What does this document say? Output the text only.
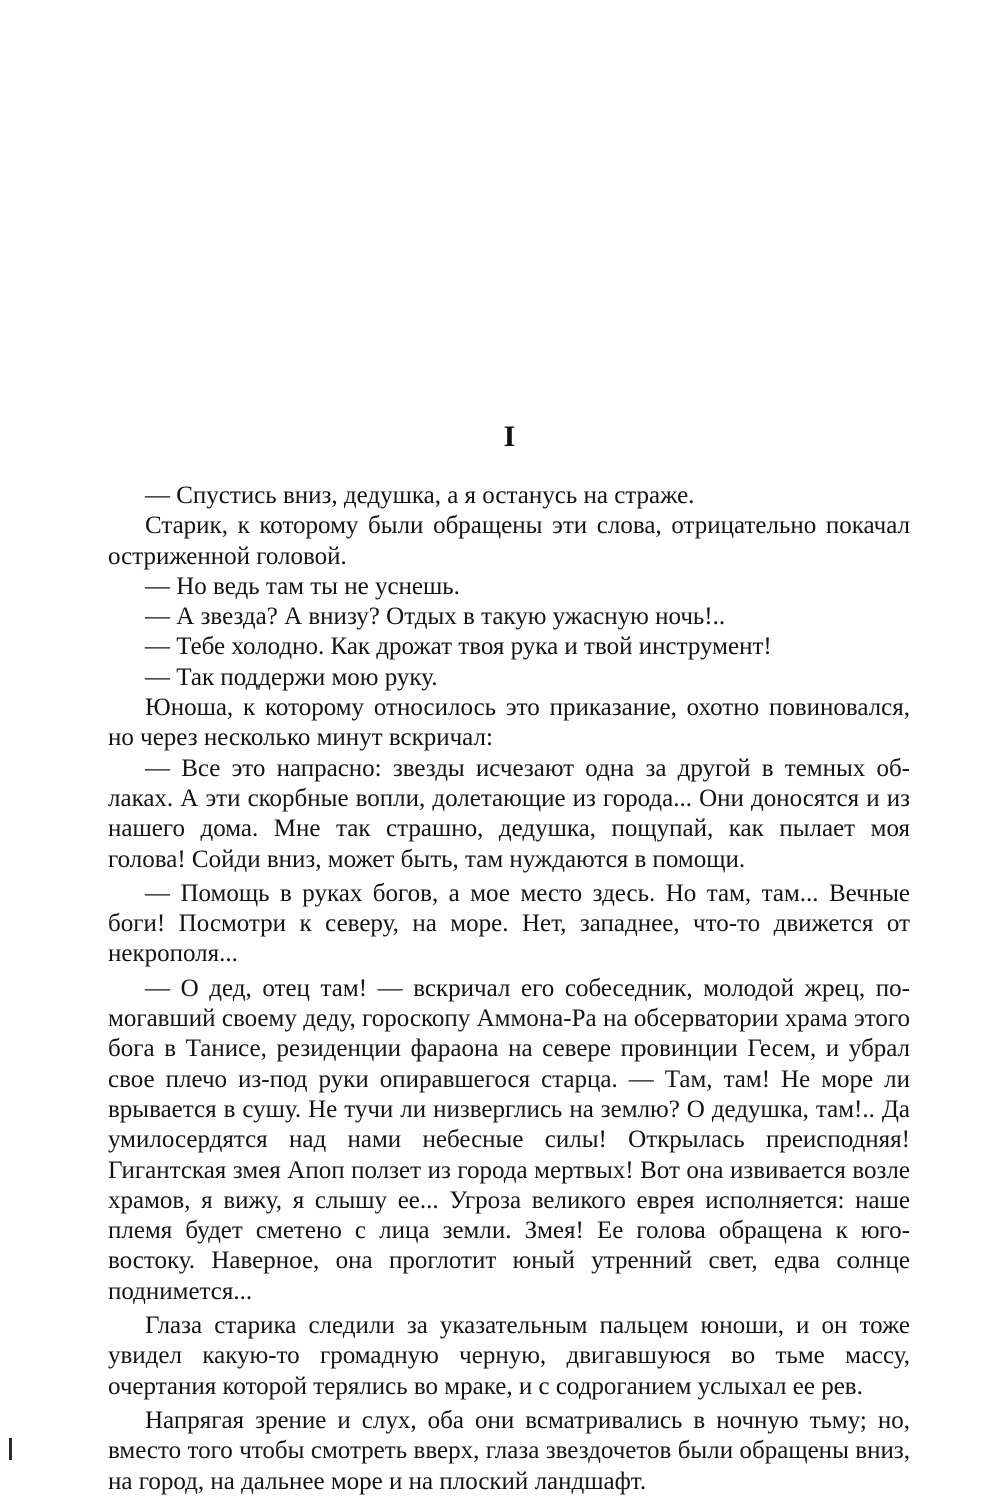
I

— Спустись вниз, дедушка, а я останусь на страже.

Старик, к которому были обращены эти слова, отрицательно покачал остриженной головой.

— Но ведь там ты не уснешь.

— А звезда? А внизу? Отдых в такую ужасную ночь!..

— Тебе холодно. Как дрожат твоя рука и твой инструмент!

— Так поддержи мою руку.

Юноша, к которому относилось это приказание, охотно повиновался, но через несколько минут вскричал:

— Все это напрасно: звезды исчезают одна за другой в темных облаках. А эти скорбные вопли, долетающие из города... Они доносятся и из нашего дома. Мне так страшно, дедушка, пощупай, как пылает моя голова! Сойди вниз, может быть, там нуждаются в помощи.

— Помощь в руках богов, а мое место здесь. Но там, там... Вечные боги! Посмотри к северу, на море. Нет, западнее, что-то движется от некрополя...

— О дед, отец там! — вскричал его собеседник, молодой жрец, помогавший своему деду, гороскопу Аммона-Ра на обсерватории храма этого бога в Танисе, резиденции фараона на севере провинции Гесем, и убрал свое плечо из-под руки опиравшегося старца. — Там, там! Не море ли врывается в сушу. Не тучи ли низверглись на землю? О дедушка, там!.. Да умилосердятся над нами небесные силы! Открылась преисподняя! Гигантская змея Апоп ползет из города мертвых! Вот она извивается возле храмов, я вижу, я слышу ее... Угроза великого еврея исполняется: наше племя будет сметено с лица земли. Змея! Ее голова обращена к юго-востоку. Наверное, она проглотит юный утренний свет, едва солнце поднимется...

Глаза старика следили за указательным пальцем юноши, и он тоже увидел какую-то громадную черную, двигавшуюся во тьме массу, очертания которой терялись во мраке, и с содроганием услыхал ее рев.

Напрягая зрение и слух, оба они всматривались в ночную тьму; но, вместо того чтобы смотреть вверх, глаза звездочетов были обращены вниз, на город, на дальнее море и на плоский ландшафт.
